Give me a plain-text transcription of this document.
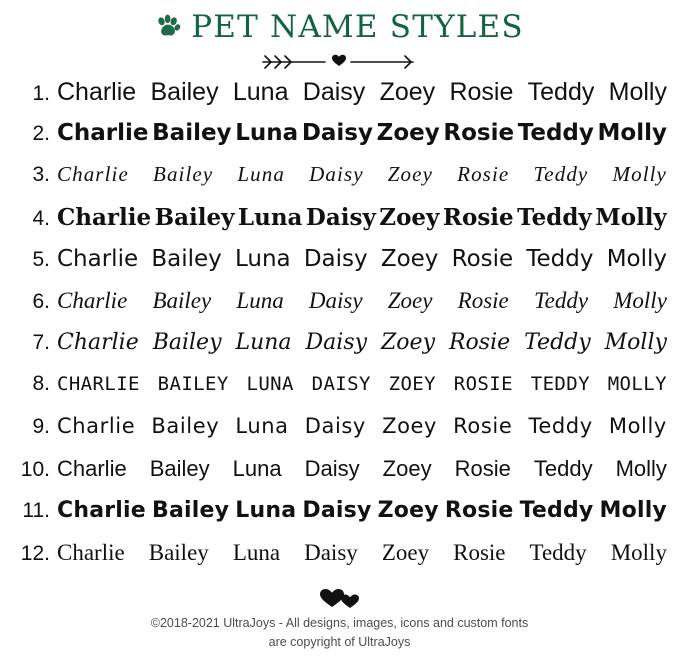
PET NAME STYLES
1. Charlie Bailey Luna Daisy Zoey Rosie Teddy Molly
2. Charlie Bailey Luna Daisy Zoey Rosie Teddy Molly
3. Charlie Bailey Luna Daisy Zoey Rosie Teddy Molly
4. Charlie Bailey Luna Daisy Zoey Rosie Teddy Molly
5. Charlie Bailey Luna Daisy Zoey Rosie Teddy Molly
6. Charlie Bailey Luna Daisy Zoey Rosie Teddy Molly
7. Charlie Bailey Luna Daisy Zoey Rosie Teddy Molly
8. CHARLIE BAILEY LUNA DAISY ZOEY ROSIE TEDDY MOLLY
9. Charlie Bailey Luna Daisy Zoey Rosie Teddy Molly
10. Charlie Bailey Luna Daisy Zoey Rosie Teddy Molly
11. Charlie Bailey Luna Daisy Zoey Rosie Teddy Molly
12. Charlie Bailey Luna Daisy Zoey Rosie Teddy Molly
©2018-2021 UltraJoys - All designs, images, icons and custom fonts
are copyright of UltraJoys
